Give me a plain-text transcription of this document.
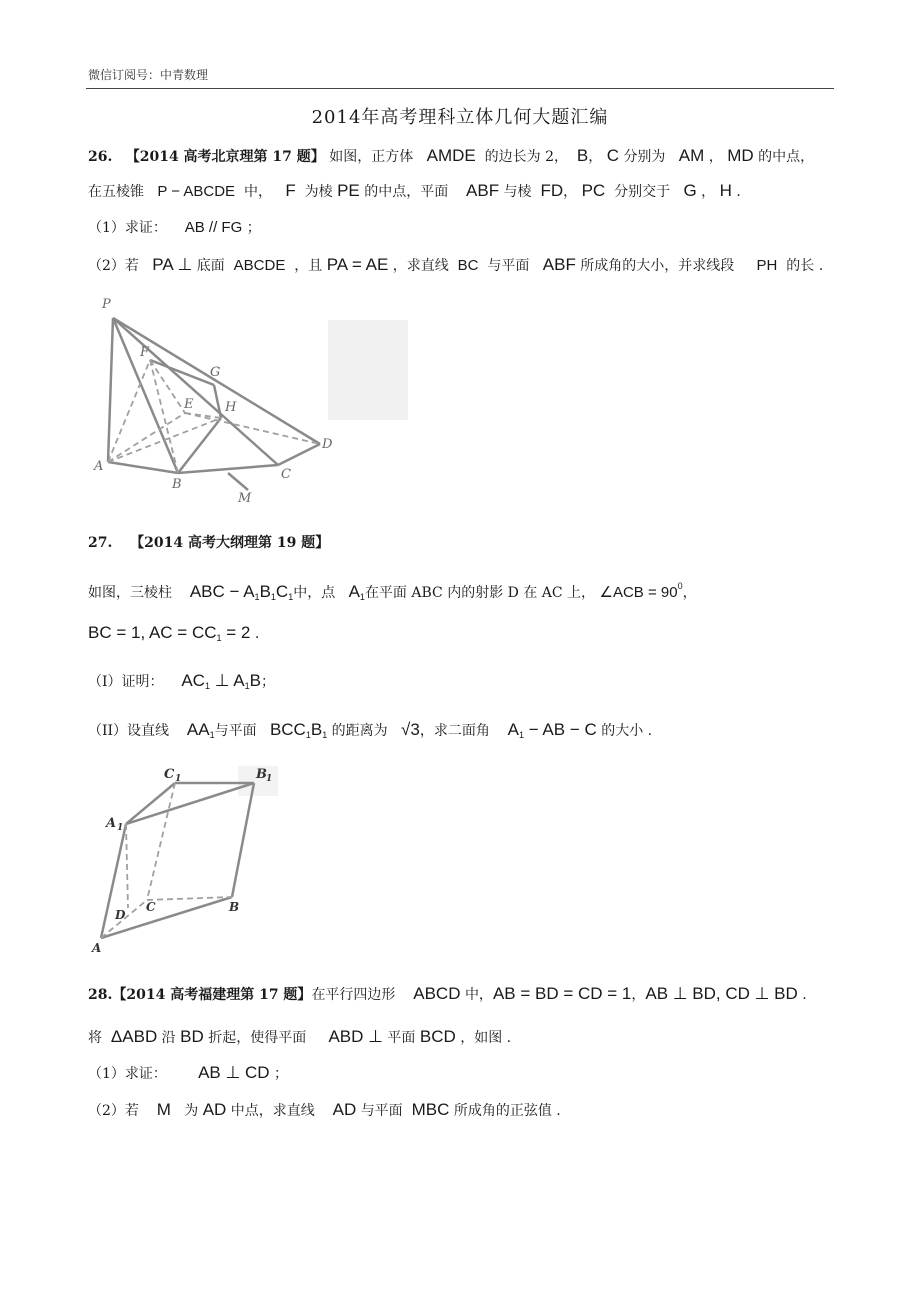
微信订阅号：中青数理
2014年高考理科立体几何大题汇编
26. 【2014 高考北京理第 17 题】 如图，正方体 AMDE 的边长为 2， B， C 分别为 AM ， MD 的中点，
在五棱锥 P − ABCDE 中， F 为棱 PE 的中点，平面 ABF 与棱 FD， PC 分别交于 G ， H .
（1）求证： AB // FG ；
（2）若 PA ⊥ 底面 ABCDE ，且 PA = AE ，求直线 BC 与平面 ABF 所成角的大小，并求线段 PH 的长 .
P
F
G
E H
A
B
C
D
M
27. 【2014 高考大纲理第 19 题】
如图，三棱柱 ABC − $A_1B_1C_1$中，点 $A_1$在平面 ABC 内的射影 D 在 AC 上， ∠ACB = $90^0$，
BC = 1, AC = $CC_1 = 2$ .
（I）证明： $AC_1$ ⊥ $A_1B$；
（II）设直线 $AA_1$与平面 $BCC_1B_1$ 的距离为 √3，求二面角 $A_1$ − AB − C 的大小 .
C 1	B 1
A 1
D
C	B
A
28.【2014 高考福建理第 17 题】在平行四边形 ABCD 中，AB = BD = CD = 1，AB ⊥ BD, CD ⊥ BD .
将 ΔABD 沿 BD 折起，使得平面 ABD ⊥ 平面 BCD ，如图 .
（1）求证： AB ⊥ CD ；
（2）若 M 为 AD 中点，求直线 AD 与平面 MBC 所成角的正弦值 .
